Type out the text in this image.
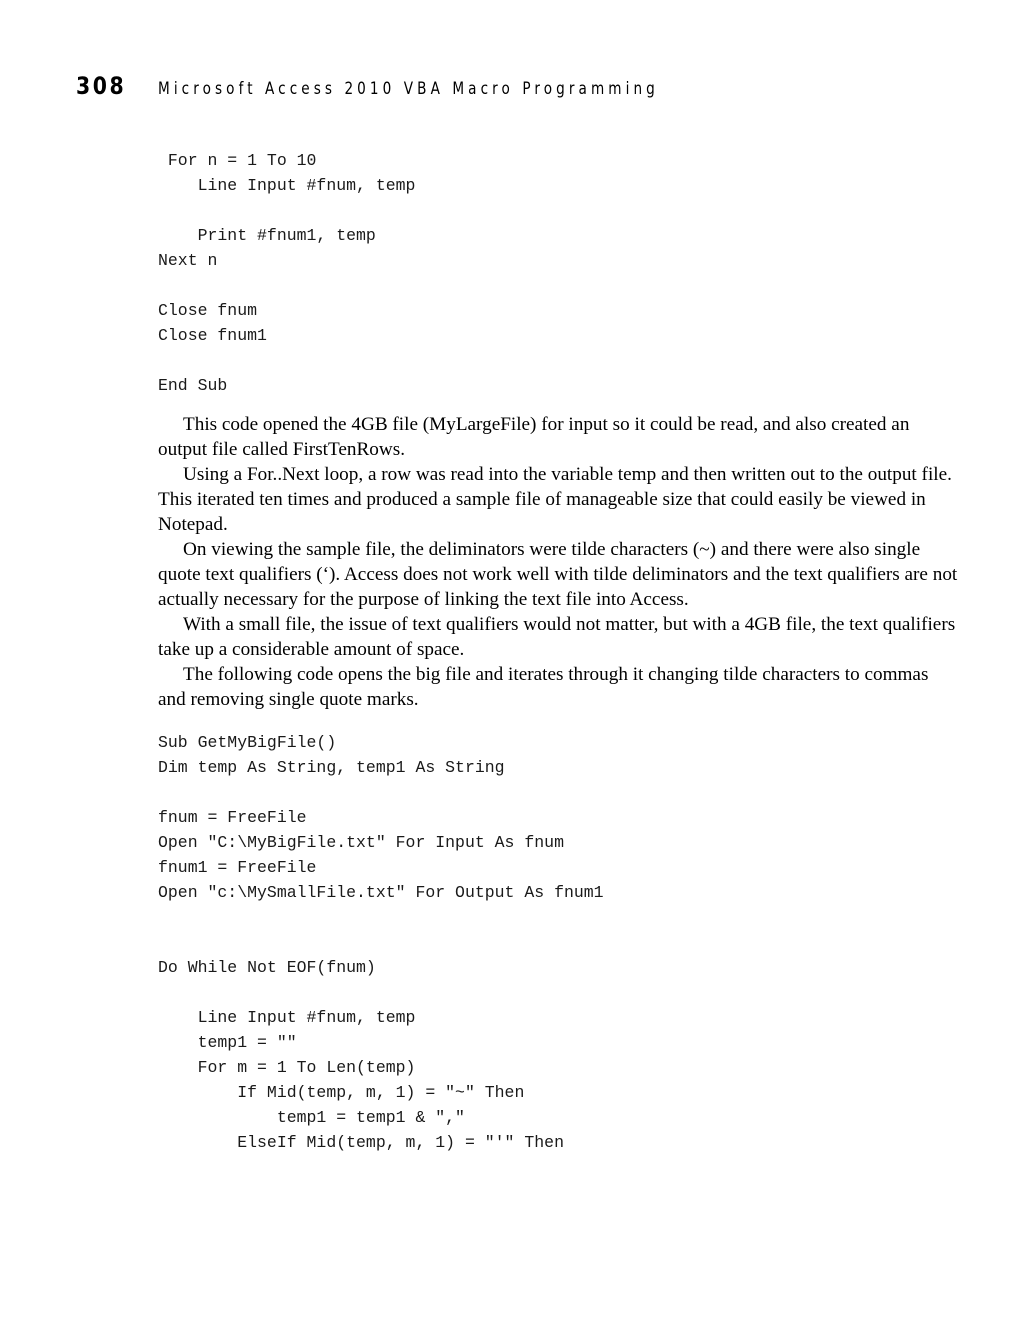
308	Microsoft Access 2010 VBA Macro Programming
For n = 1 To 10
Line Input #fnum, temp

Print #fnum1, temp
Next n

Close fnum
Close fnum1

End Sub

This code opened the 4GB file (MyLargeFile) for input so it could be read, and also created an output file called FirstTenRows.

Using a For..Next loop, a row was read into the variable temp and then written out to the output file. This iterated ten times and produced a sample file of manageable size that could easily be viewed in Notepad.

On viewing the sample file, the deliminators were tilde characters (~) and there were also single quote text qualifiers (‘). Access does not work well with tilde deliminators and the text qualifiers are not actually necessary for the purpose of linking the text file into Access.

With a small file, the issue of text qualifiers would not matter, but with a 4GB file, the text qualifiers take up a considerable amount of space.

The following code opens the big file and iterates through it changing tilde characters to commas and removing single quote marks.

Sub GetMyBigFile()
Dim temp As String, temp1 As String

fnum = FreeFile
Open "C:\MyBigFile.txt" For Input As fnum
fnum1 = FreeFile
Open "c:\MySmallFile.txt" For Output As fnum1

Do While Not EOF(fnum)

Line Input #fnum, temp
temp1 = ""
For m = 1 To Len(temp)
If Mid(temp, m, 1) = "~" Then
temp1 = temp1 & ","
ElseIf Mid(temp, m, 1) = "'" Then
